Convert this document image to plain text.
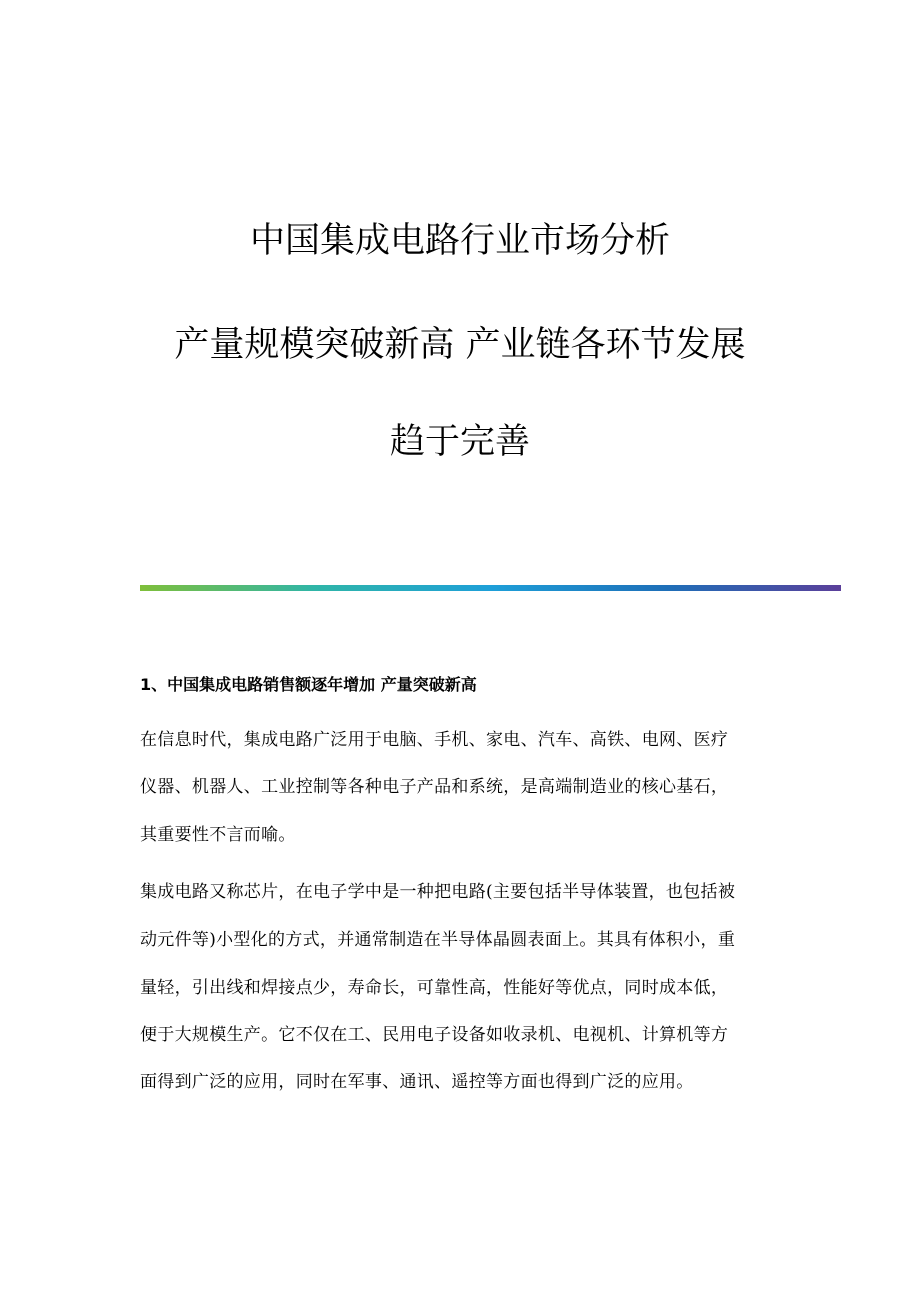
中国集成电路行业市场分析
产量规模突破新高 产业链各环节发展
趋于完善
1、中国集成电路销售额逐年增加 产量突破新高
在信息时代，集成电路广泛用于电脑、手机、家电、汽车、高铁、电网、医疗
仪器、机器人、工业控制等各种电子产品和系统，是高端制造业的核心基石，
其重要性不言而喻。
集成电路又称芯片，在电子学中是一种把电路(主要包括半导体装置，也包括被
动元件等)小型化的方式，并通常制造在半导体晶圆表面上。其具有体积小，重
量轻，引出线和焊接点少，寿命长，可靠性高，性能好等优点，同时成本低，
便于大规模生产。它不仅在工、民用电子设备如收录机、电视机、计算机等方
面得到广泛的应用，同时在军事、通讯、遥控等方面也得到广泛的应用。
